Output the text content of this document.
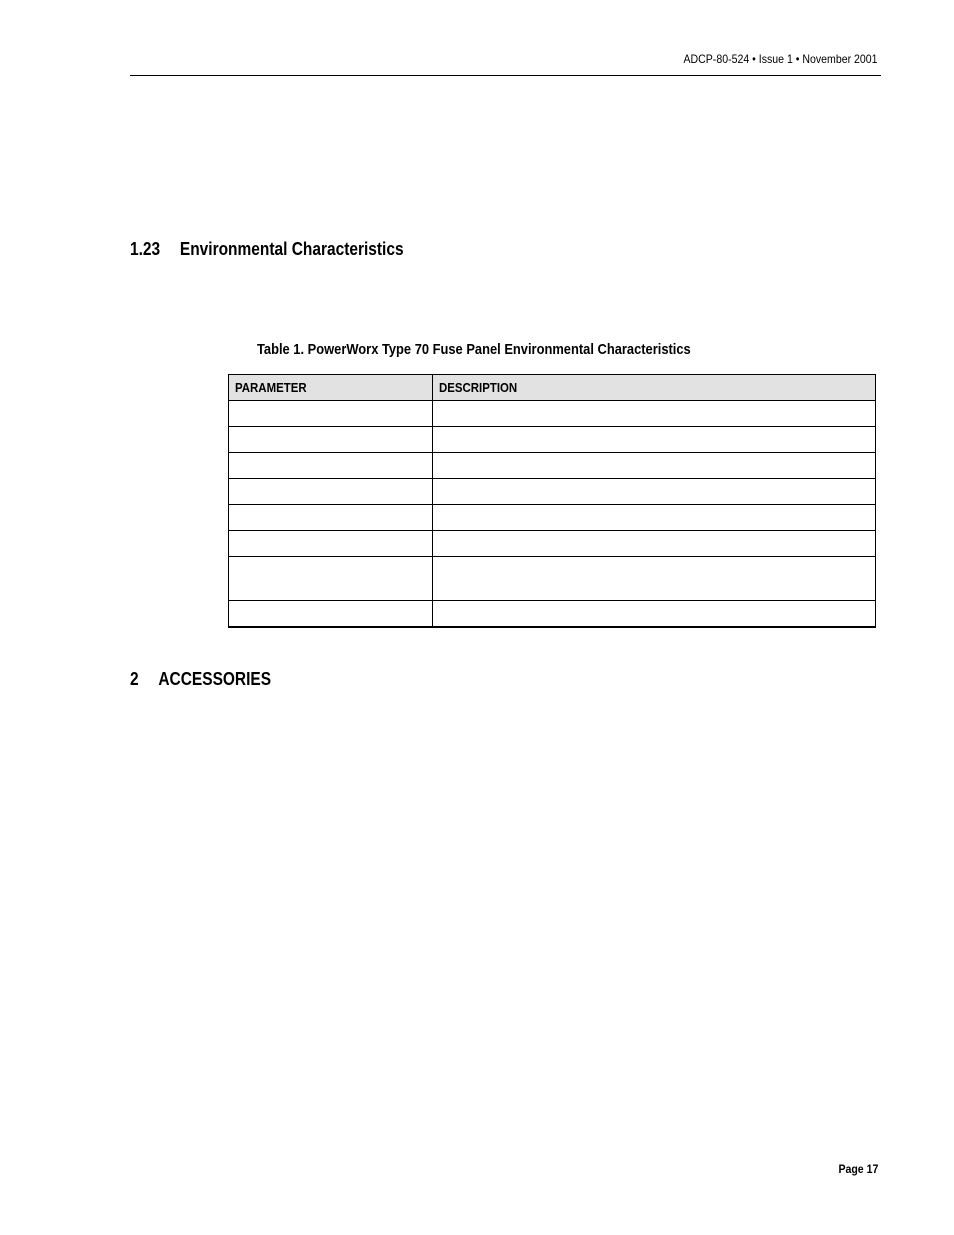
ADCP-80-524 • Issue 1 • November 2001
1.23 Environmental Characteristics
Table 1. PowerWorx Type 70 Fuse Panel Environmental Characteristics
PARAMETER	DESCRIPTION

2 ACCESSORIES
Page 17
